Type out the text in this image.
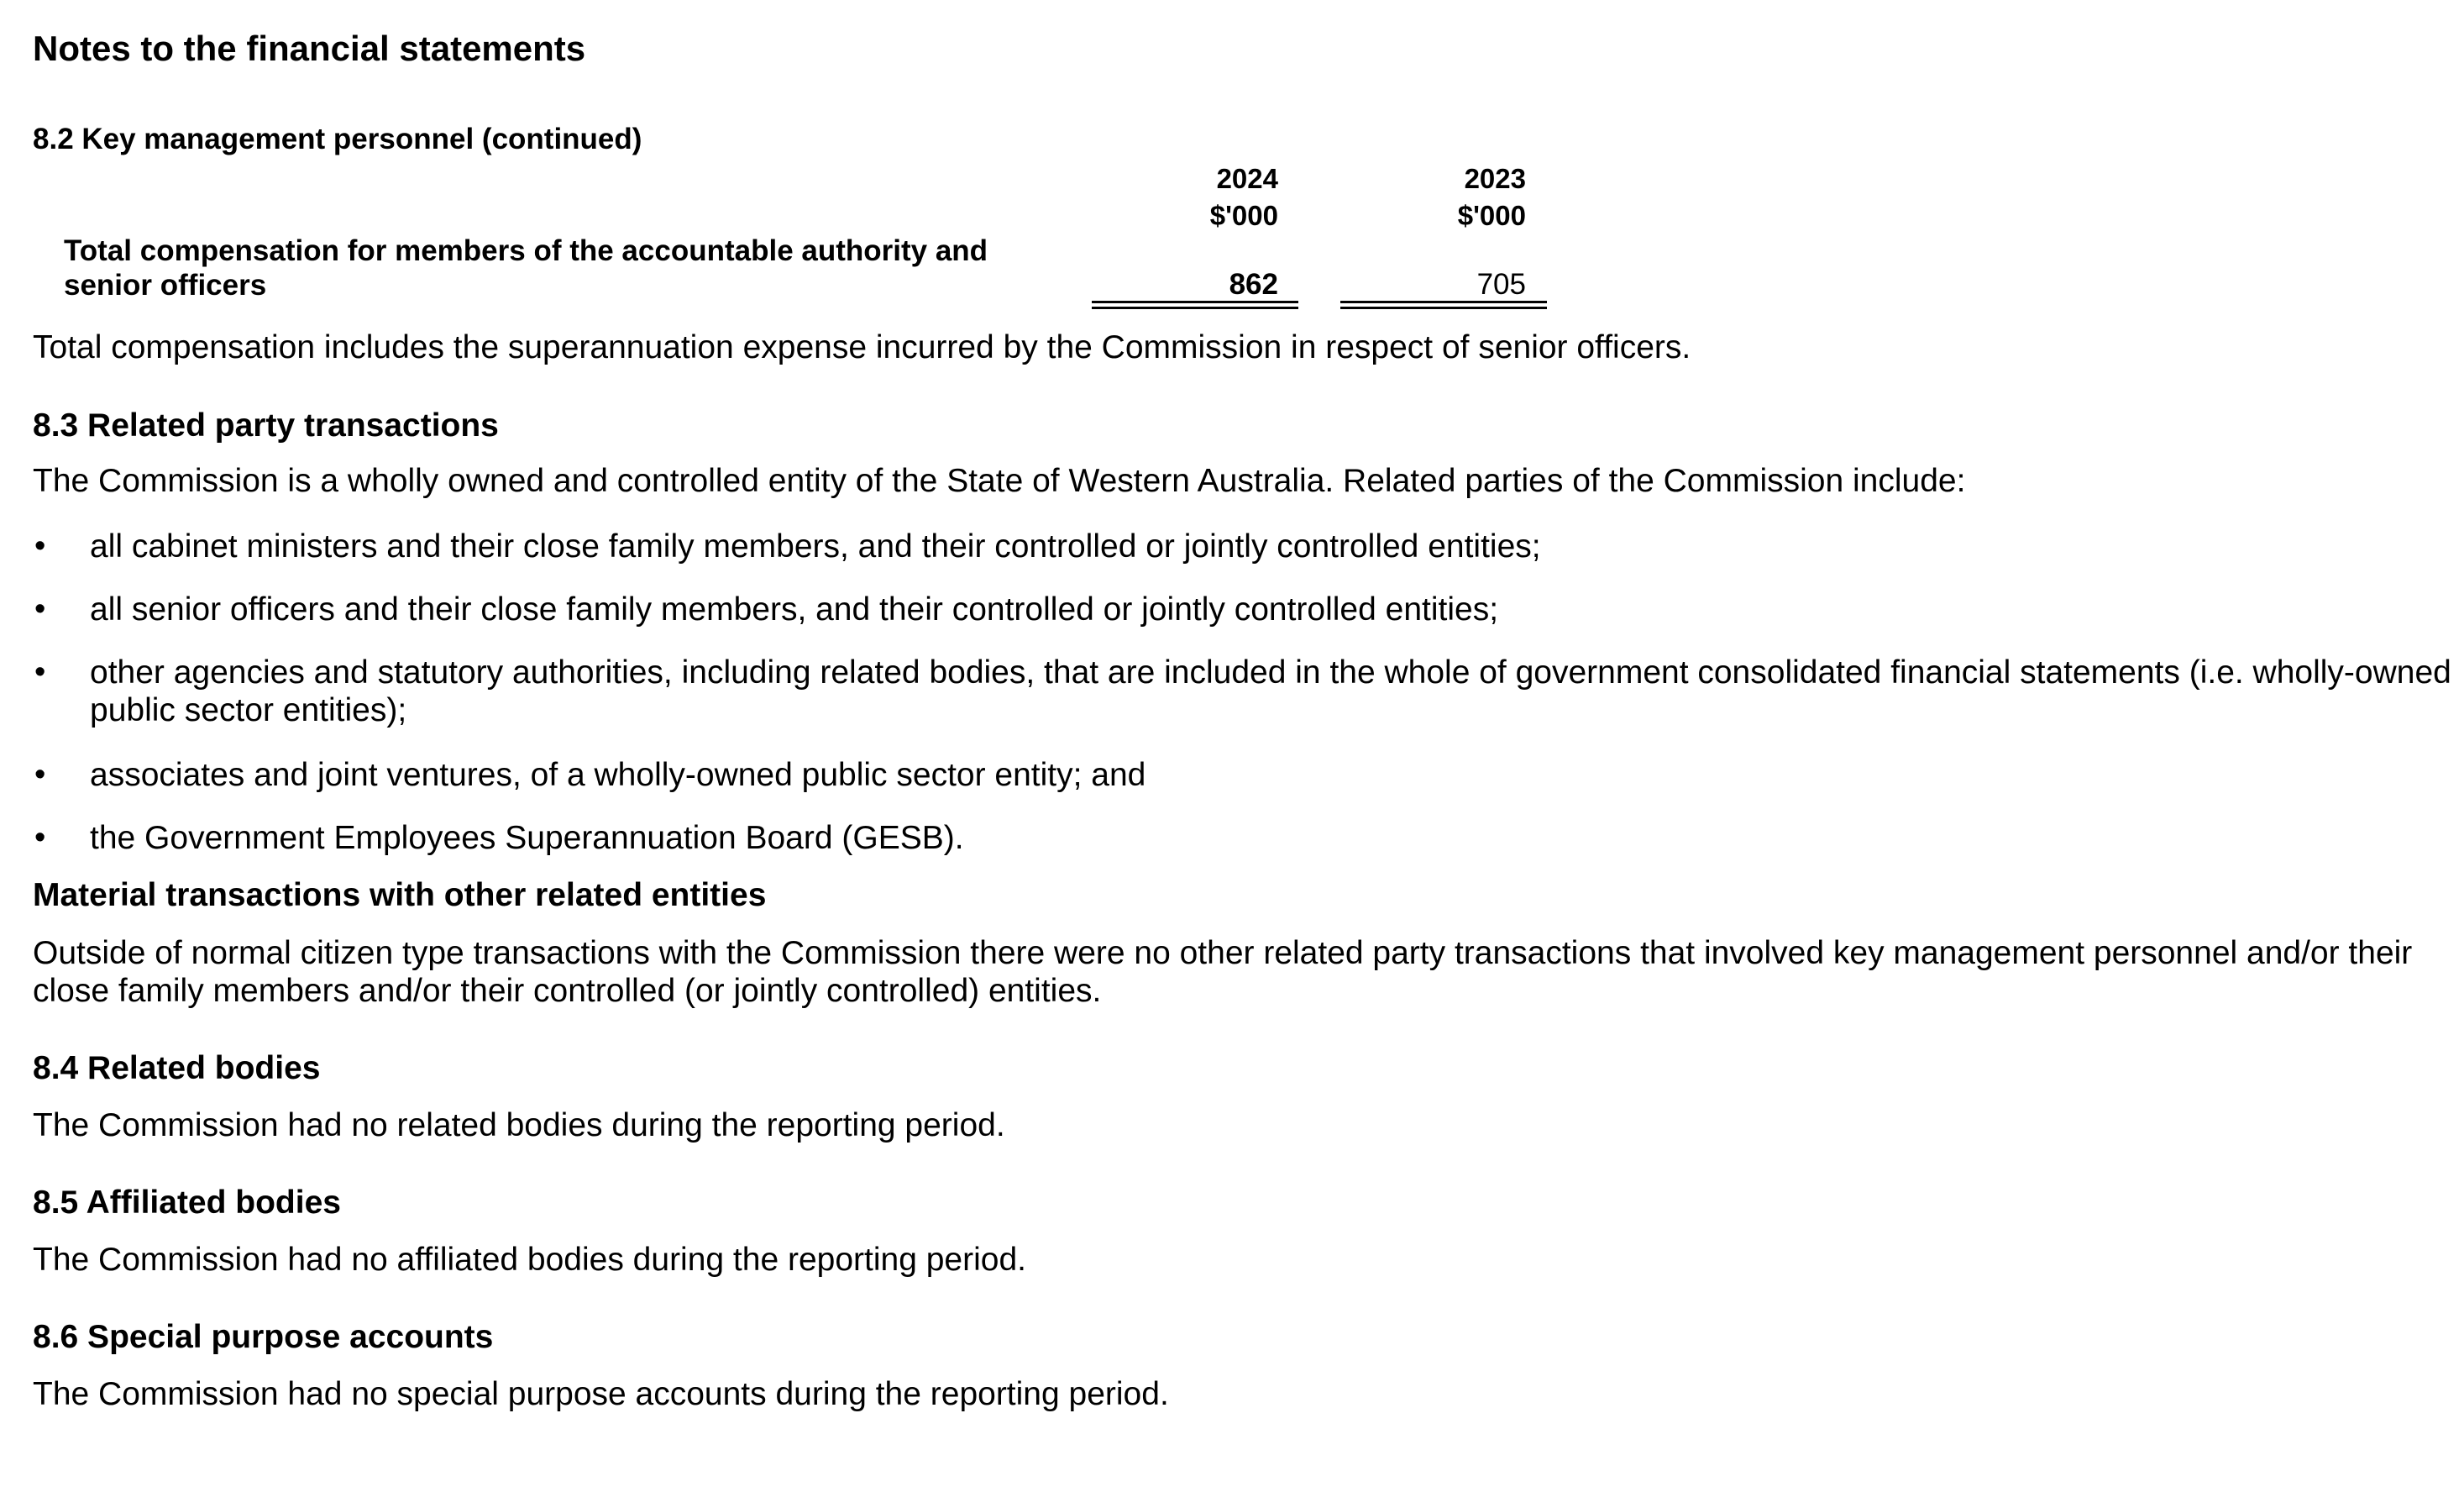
Notes to the financial statements
8.2 Key management personnel (continued)
2024	2023
$'000	$'000
Total compensation for members of the accountable authority and
senior officers	862	705
Total compensation includes the superannuation expense incurred by the Commission in respect of senior officers.
8.3 Related party transactions
The Commission is a wholly owned and controlled entity of the State of Western Australia. Related parties of the Commission include:
• all cabinet ministers and their close family members, and their controlled or jointly controlled entities;
• all senior officers and their close family members, and their controlled or jointly controlled entities;
• other agencies and statutory authorities, including related bodies, that are included in the whole of government consolidated financial statements (i.e. wholly-owned
public sector entities);
• associates and joint ventures, of a wholly-owned public sector entity; and
• the Government Employees Superannuation Board (GESB).
Material transactions with other related entities
Outside of normal citizen type transactions with the Commission there were no other related party transactions that involved key management personnel and/or their
close family members and/or their controlled (or jointly controlled) entities.
8.4 Related bodies
The Commission had no related bodies during the reporting period.
8.5 Affiliated bodies
The Commission had no affiliated bodies during the reporting period.
8.6 Special purpose accounts
The Commission had no special purpose accounts during the reporting period.
